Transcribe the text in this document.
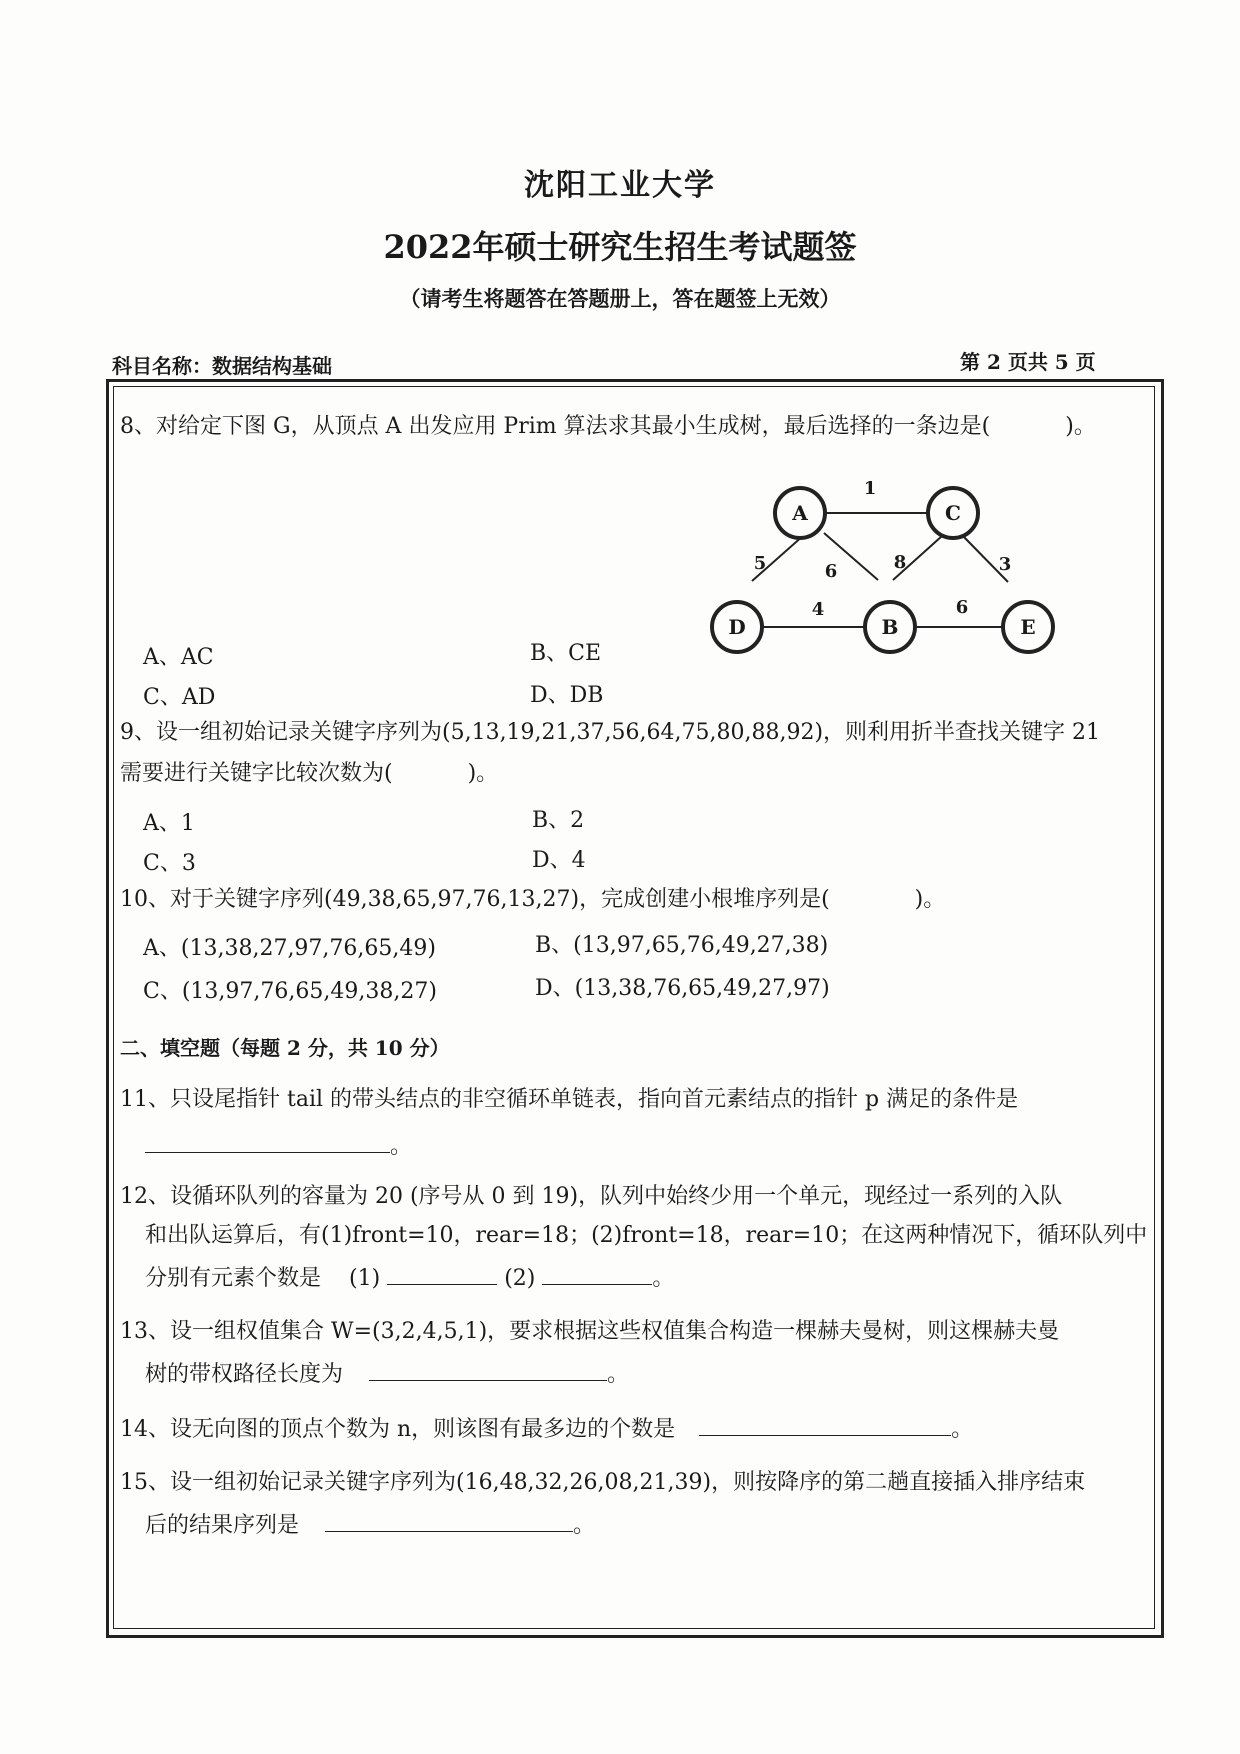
沈阳工业大学
2022年硕士研究生招生考试题签
（请考生将题答在答题册上，答在题签上无效）
科目名称：数据结构基础	第 2 页共 5 页
8、对给定下图 G，从顶点 A 出发应用 Prim 算法求其最小生成树，最后选择的一条边是(	)。
A	C
D	B	E
1
5	6	8	3
4	6
A、AC	B、CE
C、AD	D、DB
9、设一组初始记录关键字序列为(5,13,19,21,37,56,64,75,80,88,92)，则利用折半查找关键字 21
需要进行关键字比较次数为(	)。
A、1	B、2
C、3	D、4
10、对于关键字序列(49,38,65,97,76,13,27)，完成创建小根堆序列是(	)。
A、(13,38,27,97,76,65,49)	B、(13,97,65,76,49,27,38)
C、(13,97,76,65,49,38,27)	D、(13,38,76,65,49,27,97)
二、填空题（每题 2 分，共 10 分）
11、只设尾指针 tail 的带头结点的非空循环单链表，指向首元素结点的指针 p 满足的条件是
。
12、设循环队列的容量为 20 (序号从 0 到 19)，队列中始终少用一个单元，现经过一系列的入队
和出队运算后，有(1)front=10，rear=18；(2)front=18，rear=10；在这两种情况下，循环队列中
分别有元素个数是 (1)	(2)	。
13、设一组权值集合 W=(3,2,4,5,1)，要求根据这些权值集合构造一棵赫夫曼树，则这棵赫夫曼
树的带权路径长度为	。
14、设无向图的顶点个数为 n，则该图有最多边的个数是	。
15、设一组初始记录关键字序列为(16,48,32,26,08,21,39)，则按降序的第二趟直接插入排序结束
后的结果序列是	。
